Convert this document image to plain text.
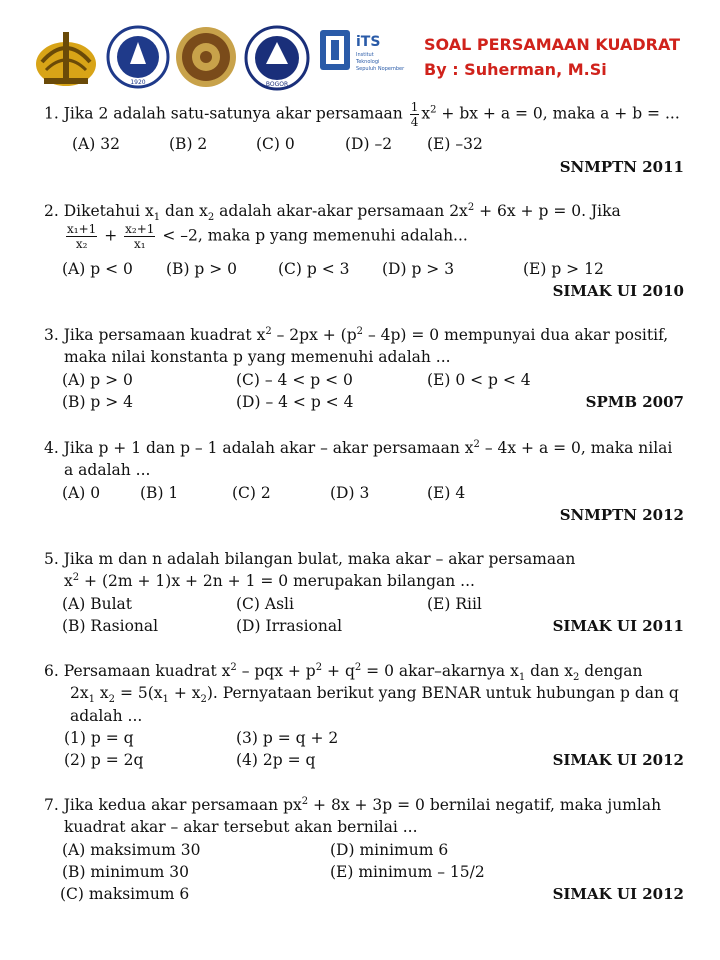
1920	BOGOR
iTS
Institut
Teknologi
Sepuluh Nopember
SOAL PERSAMAAN KUADRAT
By : Suherman, M.Si
1. Jika 2 adalah satu-satunya akar persamaan $\frac{1}{4} x^2$ + bx + a = 0, maka a + b = ...
(A) 32	(B) 2	(C) 0	(D) –2 (E) –32
SNMPTN 2011
2. Diketahui $x_1$ dan $x_2$ adalah akar-akar persamaan $2x^2 + 6x + p = 0$. Jika
$\frac{\text{x₁+1}}{\text{x₂}} + \frac{\text{x₂+1}}{\text{x₁}} < -2$, maka p yang memenuhi adalah...
(A) p < 0 (B) p > 0	(C) p < 3 (D) p > 3	(E) p > 12
SIMAK UI 2010
3. Jika persamaan kuadrat $x^2 - 2px + (p^2 - 4p) = 0$ mempunyai dua akar positif,
maka nilai konstanta p yang memenuhi adalah ...
(A) p > 0	(C) – 4 < p < 0	(E) 0 < p < 4
(B) p > 4	(D) – 4 < p < 4	SPMB 2007
4. Jika p + 1 dan p – 1 adalah akar – akar persamaan $x^2 - 4x + a = 0$, maka nilai
a adalah ...
(A) 0	(B) 1	(C) 2	(D) 3	(E) 4
SNMPTN 2012
5. Jika m dan n adalah bilangan bulat, maka akar – akar persamaan
$x^2 + (2m + 1)x + 2n + 1 = 0$ merupakan bilangan ...
(A) Bulat	(C) Asli	(E) Riil
(B) Rasional	(D) Irrasional	SIMAK UI 2011
6. Persamaan kuadrat $x^2$ – pqx + $p^2 + q^2 = 0$ akar–akarnya $x_1$ dan $x_2$ dengan
$2x_1$ $x_2 = 5(x_1 + x_2)$. Pernyataan berikut yang BENAR untuk hubungan p dan q
adalah ...
(1) p = q	(3) p = q + 2
(2) p = 2q	(4) 2p = q	SIMAK UI 2012
7. Jika kedua akar persamaan $px^2 + 8x + 3p = 0$ bernilai negatif, maka jumlah
kuadrat akar – akar tersebut akan bernilai ...
(A) maksimum 30	(D) minimum 6
(B) minimum 30	(E) minimum – 15/2
(C) maksimum 6	SIMAK UI 2012
